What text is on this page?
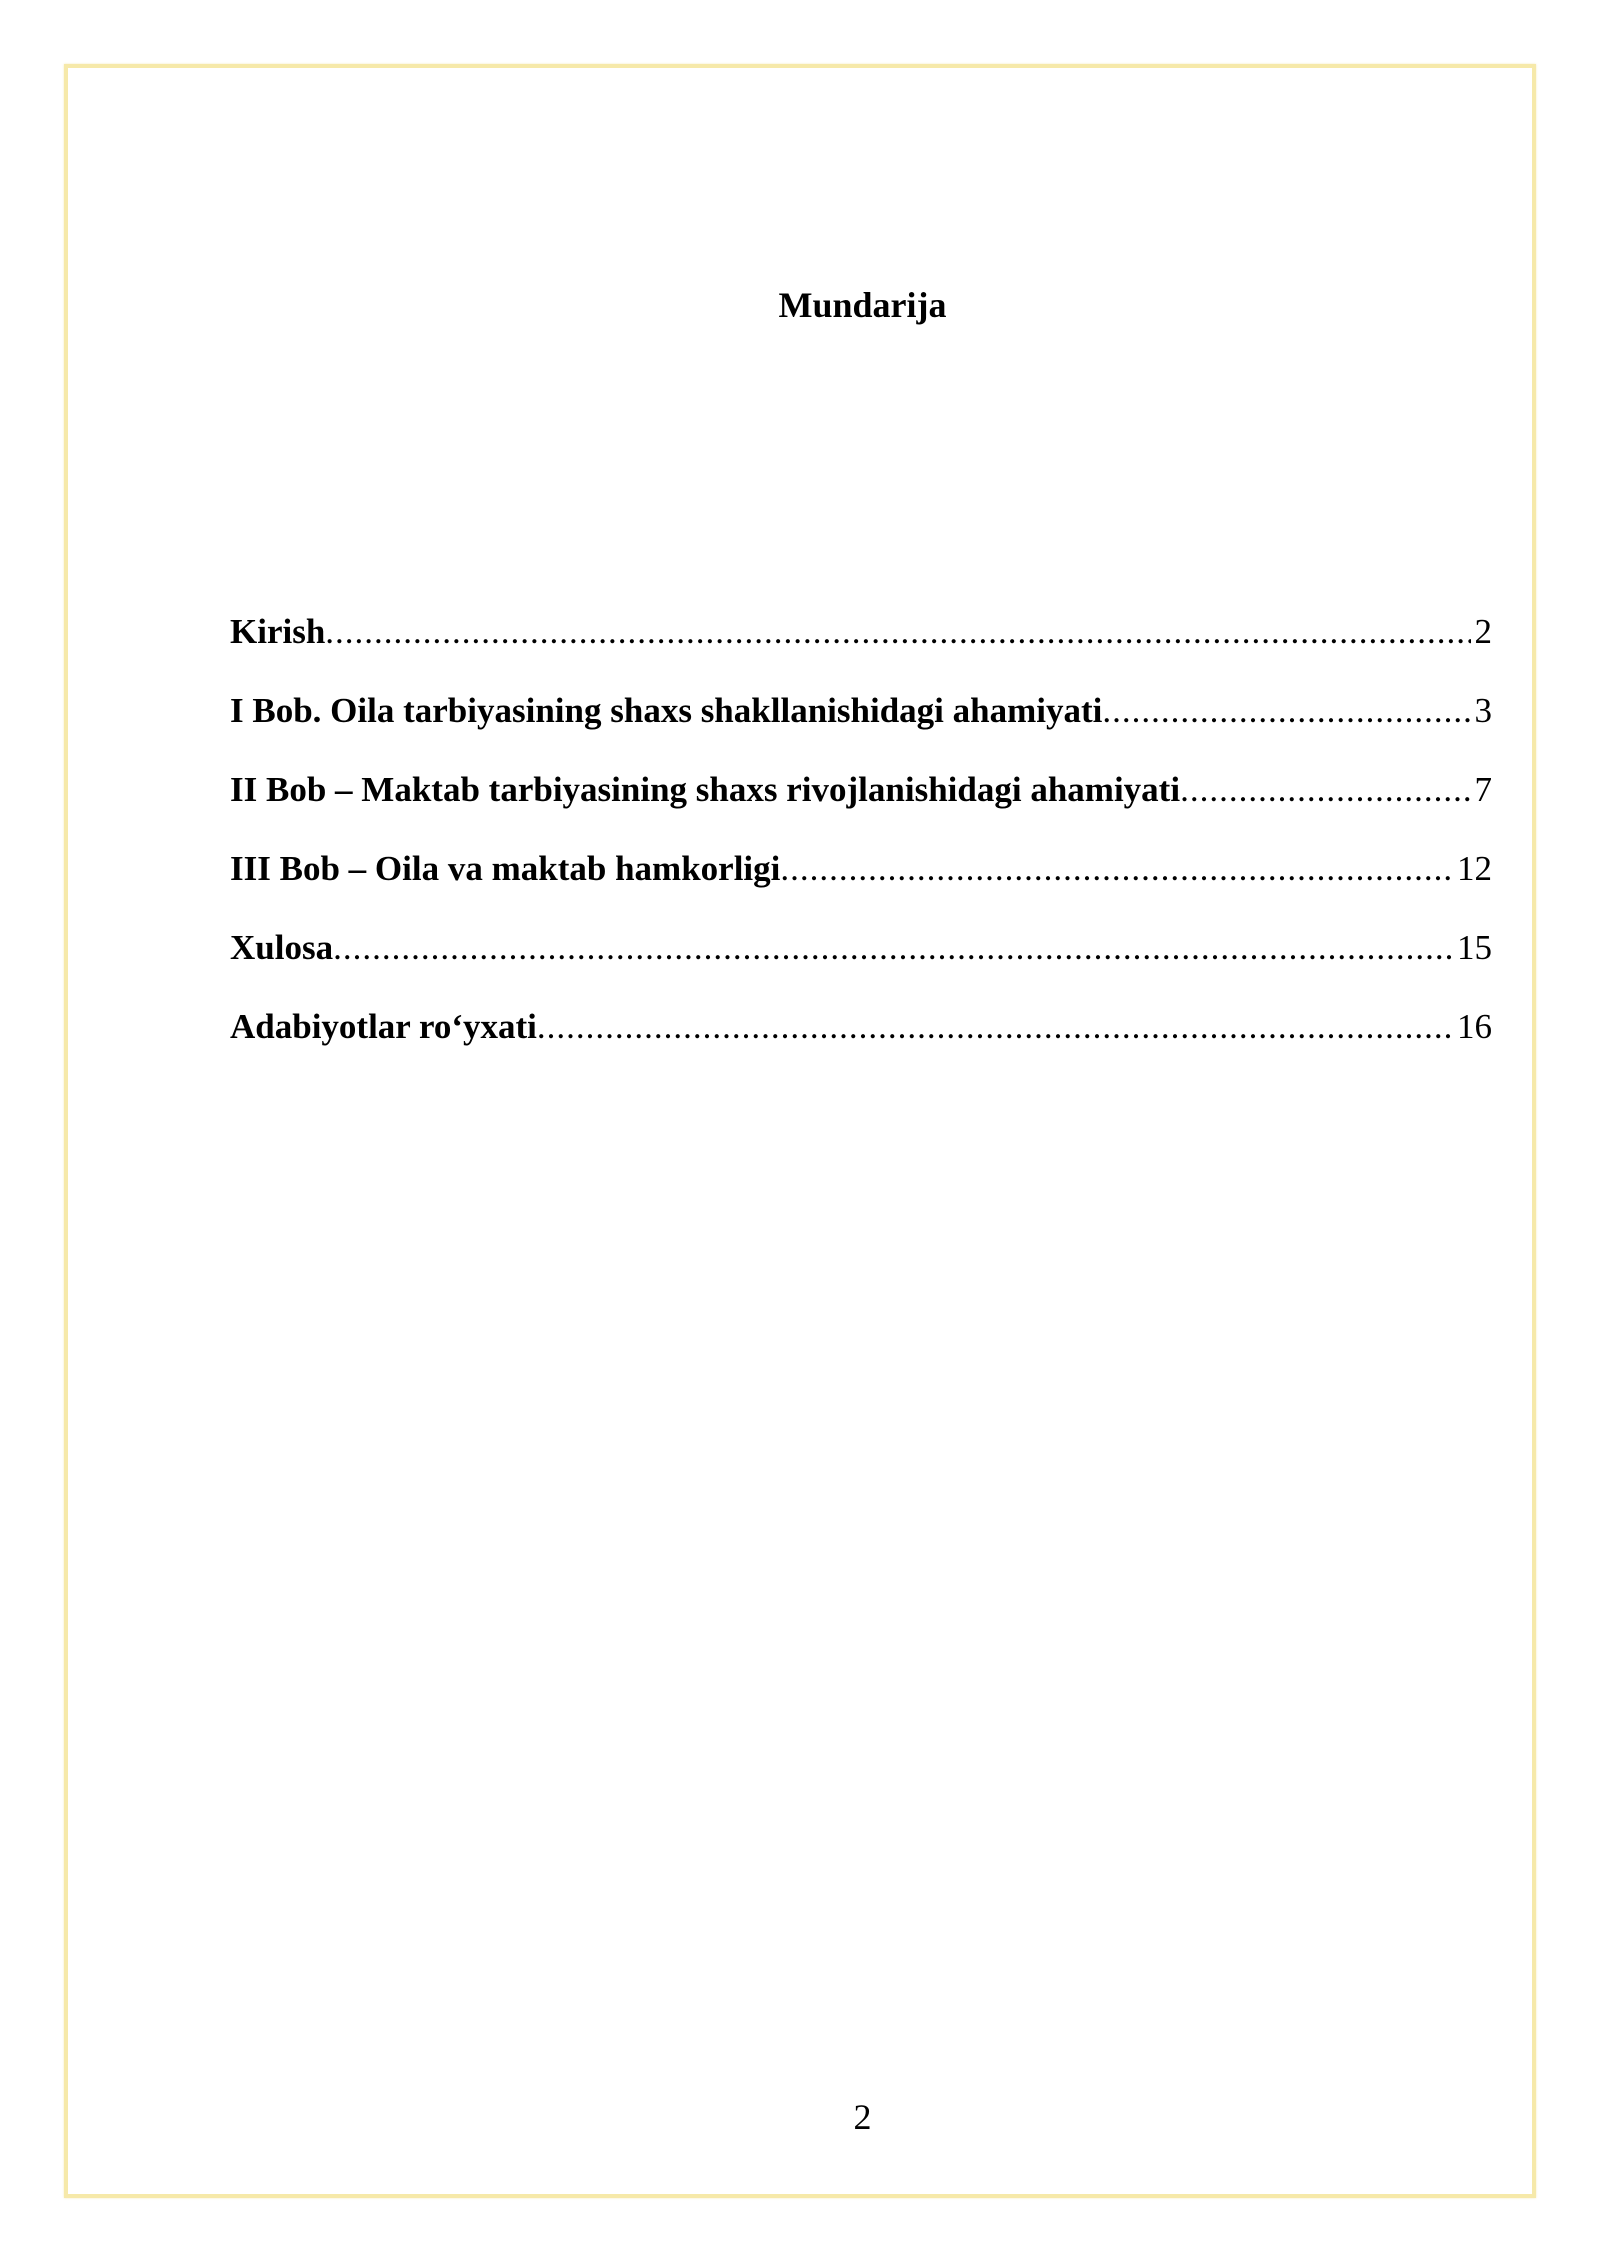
Mundarija
Kirish .....	2
I Bob. Oila tarbiyasining shaxs shakllanishidagi ahamiyati .....	3
II Bob – Maktab tarbiyasining shaxs rivojlanishidagi ahamiyati .....	7
III Bob – Oila va maktab hamkorligi .....	12
Xulosa .....	15
Adabiyotlar ro‘yxati .....	16

2
